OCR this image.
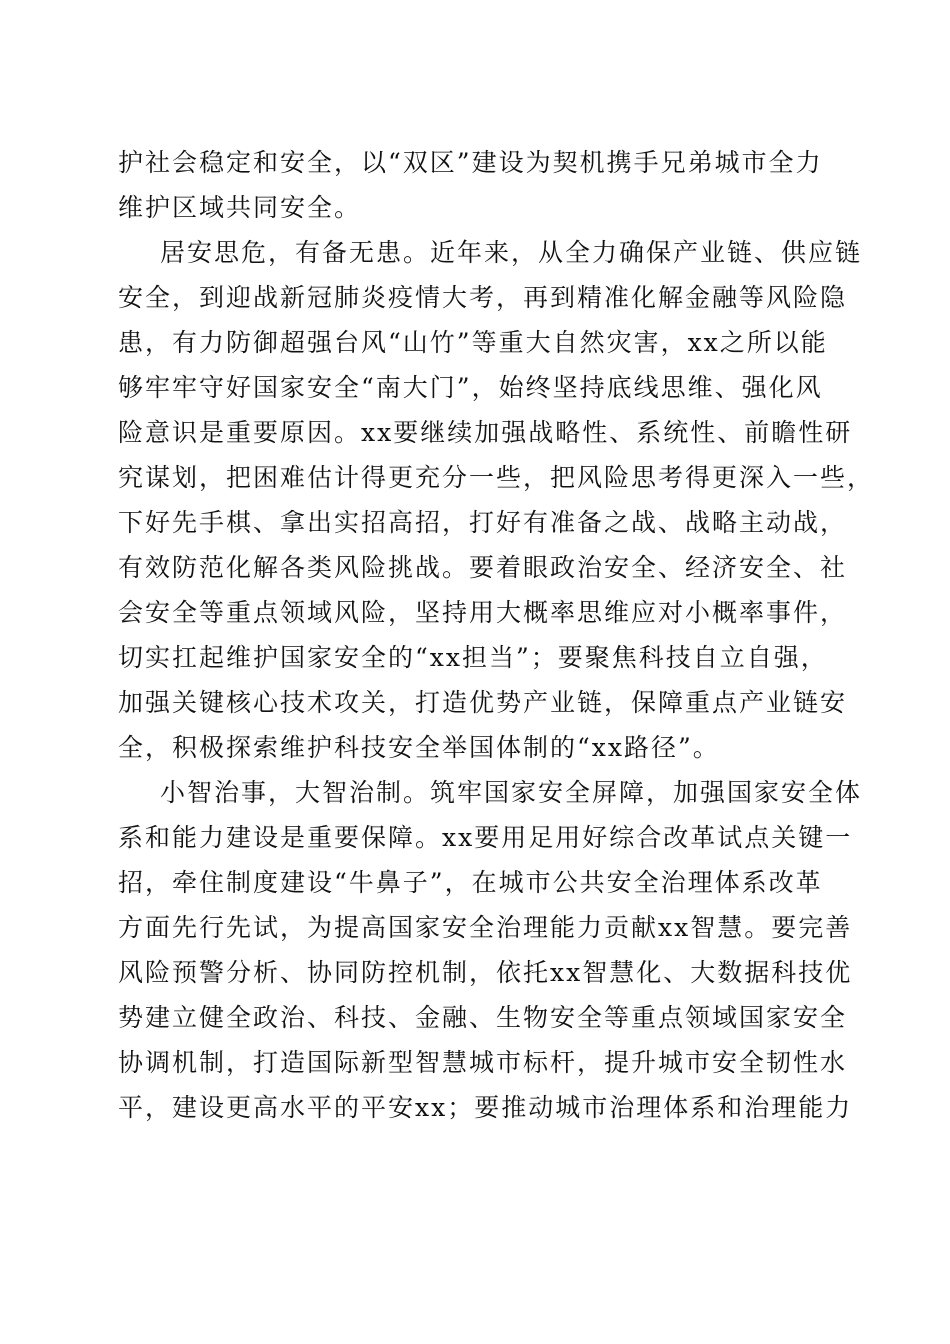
护社会稳定和安全，以“双区”建设为契机携手兄弟城市全力
维护区域共同安全。
居安思危，有备无患。近年来，从全力确保产业链、供应链
安全，到迎战新冠肺炎疫情大考，再到精准化解金融等风险隐
患，有力防御超强台风“山竹”等重大自然灾害，xx之所以能
够牢牢守好国家安全“南大门”，始终坚持底线思维、强化风
险意识是重要原因。xx要继续加强战略性、系统性、前瞻性研
究谋划，把困难估计得更充分一些，把风险思考得更深入一些，
下好先手棋、拿出实招高招，打好有准备之战、战略主动战，
有效防范化解各类风险挑战。要着眼政治安全、经济安全、社
会安全等重点领域风险，坚持用大概率思维应对小概率事件，
切实扛起维护国家安全的“xx担当”；要聚焦科技自立自强，
加强关键核心技术攻关，打造优势产业链，保障重点产业链安
全，积极探索维护科技安全举国体制的“xx路径”。
小智治事，大智治制。筑牢国家安全屏障，加强国家安全体
系和能力建设是重要保障。xx要用足用好综合改革试点关键一
招，牵住制度建设“牛鼻子”，在城市公共安全治理体系改革
方面先行先试，为提高国家安全治理能力贡献xx智慧。要完善
风险预警分析、协同防控机制，依托xx智慧化、大数据科技优
势建立健全政治、科技、金融、生物安全等重点领域国家安全
协调机制，打造国际新型智慧城市标杆，提升城市安全韧性水
平，建设更高水平的平安xx；要推动城市治理体系和治理能力
